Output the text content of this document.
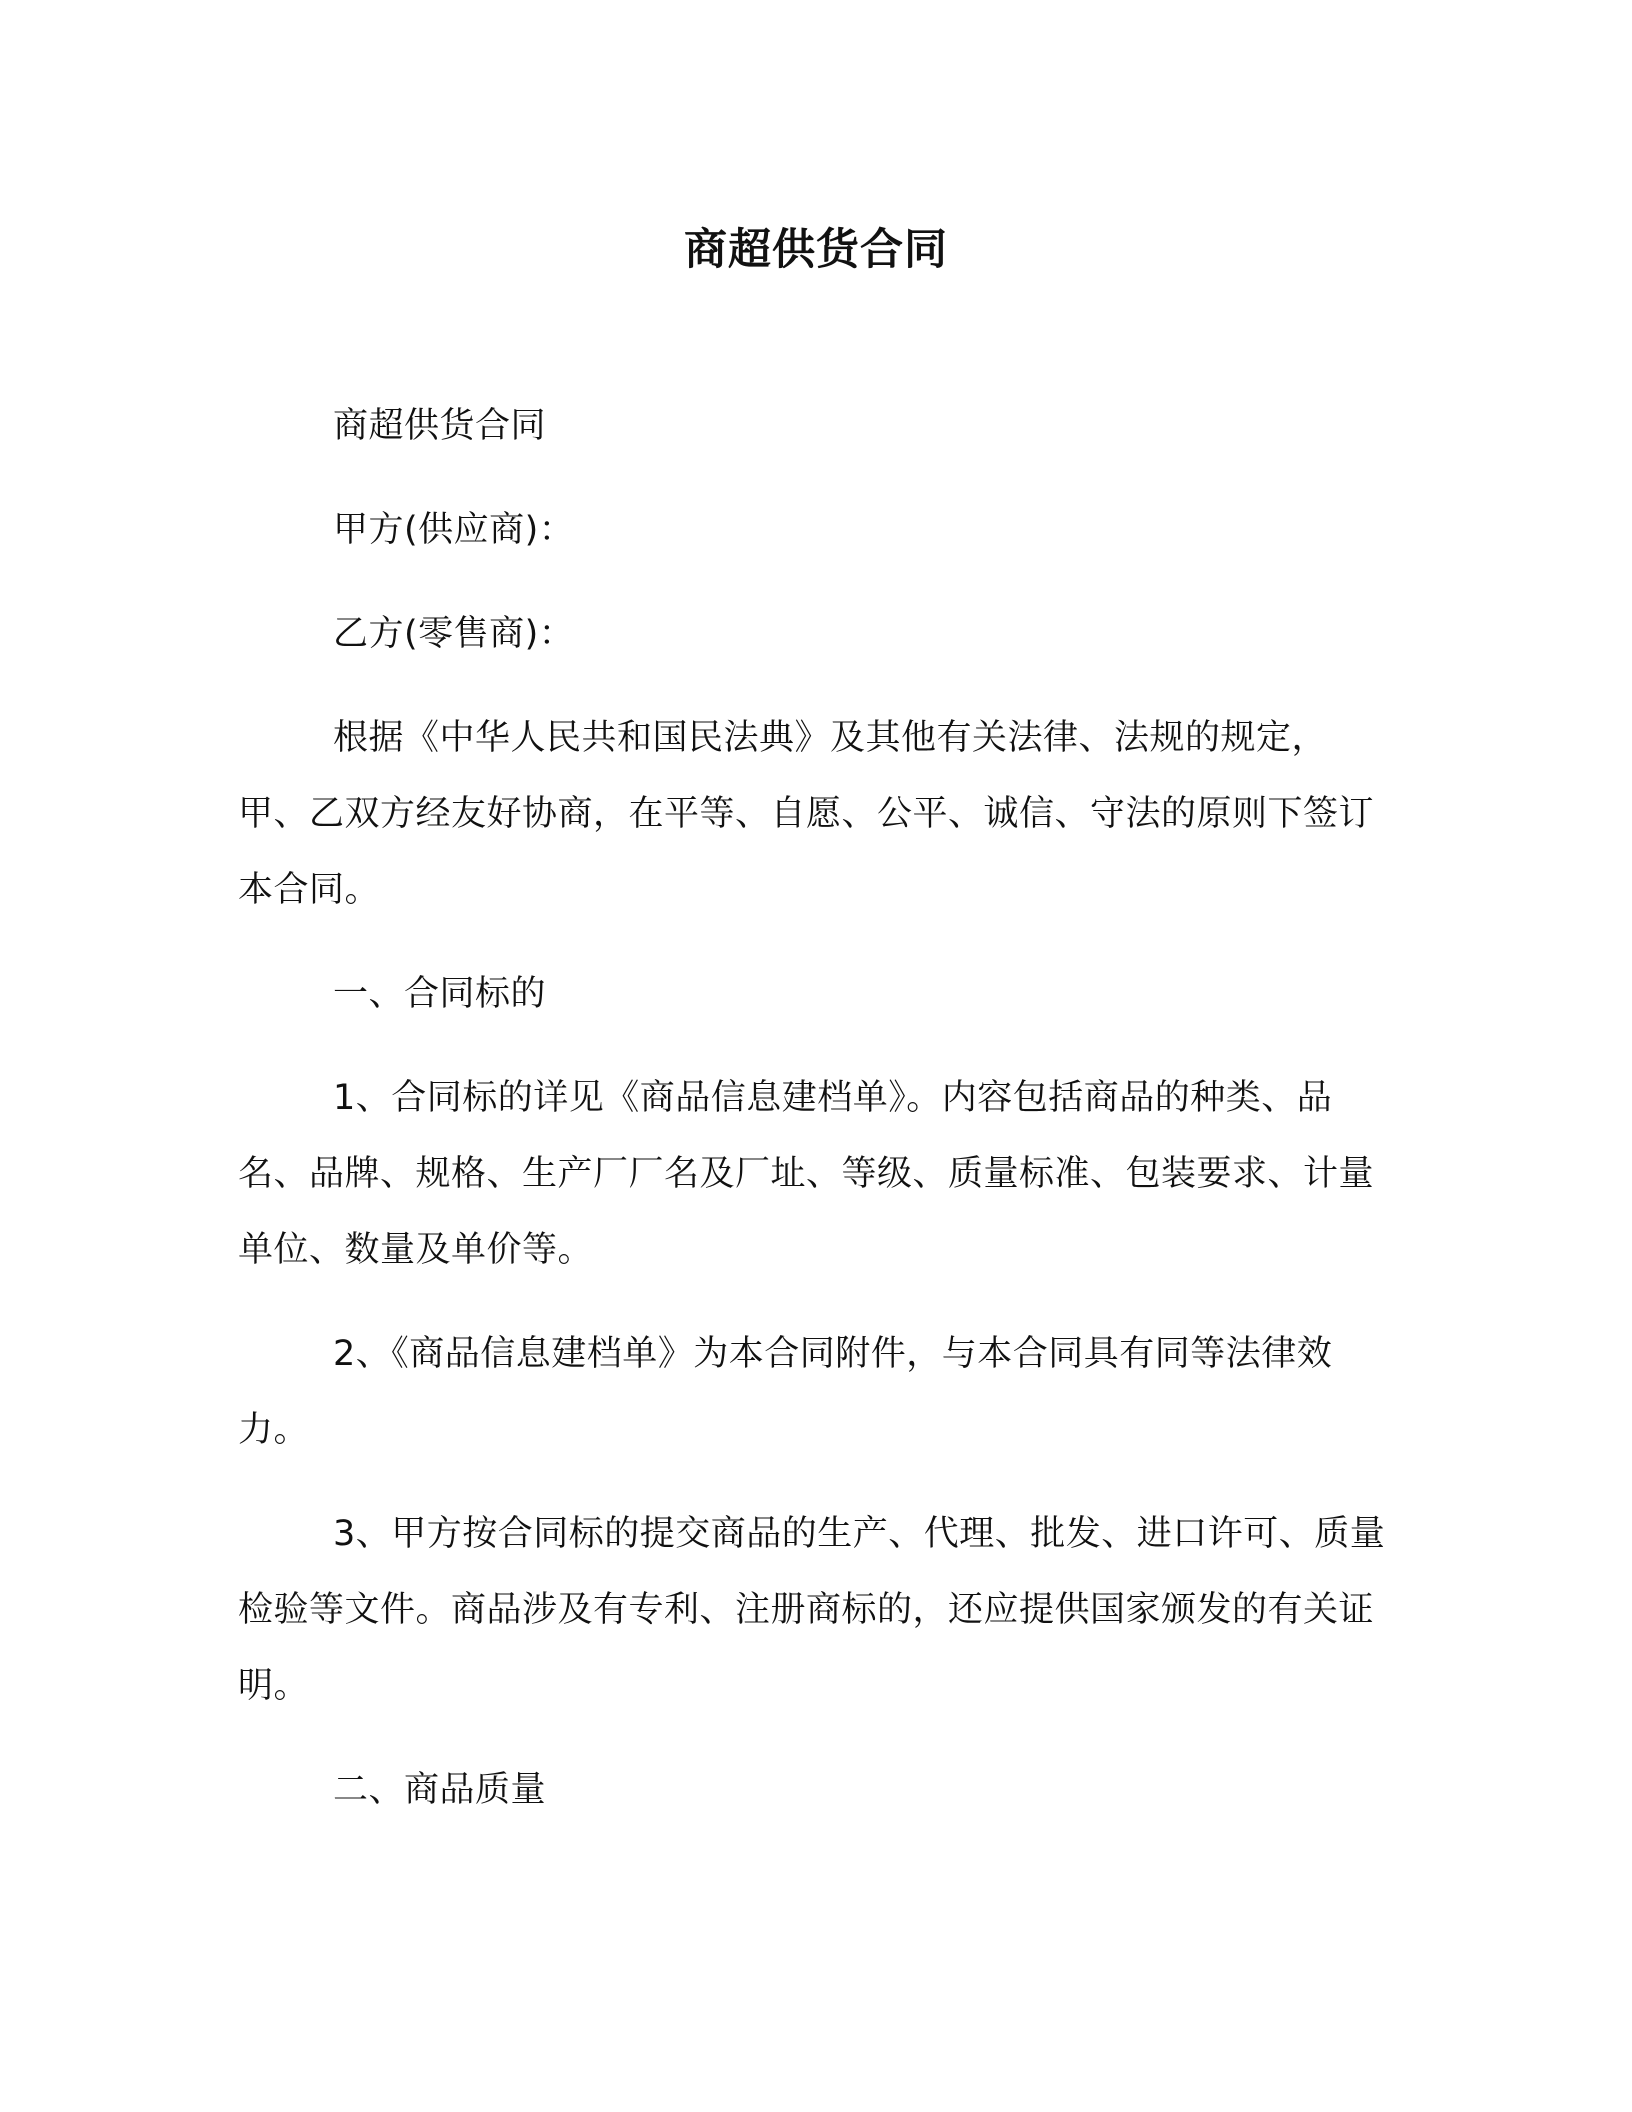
商超供货合同

商超供货合同

甲方(供应商)：

乙方(零售商)：

根据《中华人民共和国民法典》及其他有关法律、法规的规定，甲、乙双方经友好协商，在平等、自愿、公平、诚信、守法的原则下签订本合同。

一、合同标的

1、合同标的详见《商品信息建档单》。内容包括商品的种类、品名、品牌、规格、生产厂厂名及厂址、等级、质量标准、包装要求、计量单位、数量及单价等。

2、《商品信息建档单》为本合同附件，与本合同具有同等法律效力。

3、甲方按合同标的提交商品的生产、代理、批发、进口许可、质量检验等文件。商品涉及有专利、注册商标的，还应提供国家颁发的有关证明。

二、商品质量
